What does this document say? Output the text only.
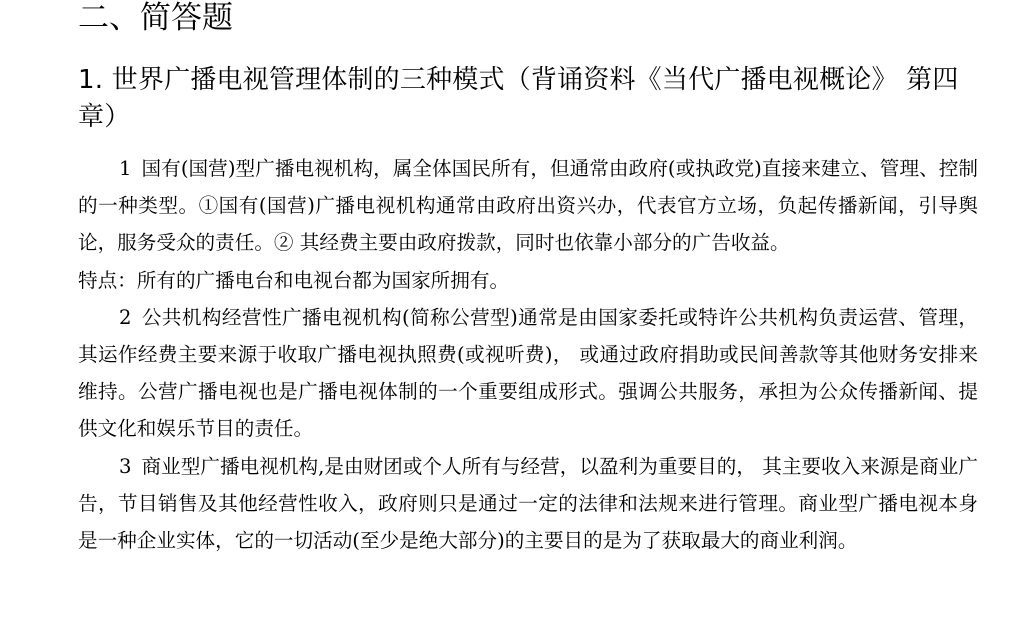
二、简答题
1. 世界广播电视管理体制的三种模式（背诵资料《当代广播电视概论》 第四章）

1 国有(国营)型广播电视机构，属全体国民所有，但通常由政府(或执政党)直接来建立、管理、控制的一种类型。①国有(国营)广播电视机构通常由政府出资兴办，代表官方立场，负起传播新闻，引导舆论，服务受众的责任。② 其经费主要由政府拨款，同时也依靠小部分的广告收益。

特点：所有的广播电台和电视台都为国家所拥有。

2 公共机构经营性广播电视机构(简称公营型)通常是由国家委托或特许公共机构负责运营、管理，其运作经费主要来源于收取广播电视执照费(或视听费)， 或通过政府捐助或民间善款等其他财务安排来维持。公营广播电视也是广播电视体制的一个重要组成形式。强调公共服务，承担为公众传播新闻、提供文化和娱乐节目的责任。

3 商业型广播电视机构,是由财团或个人所有与经营，以盈利为重要目的， 其主要收入来源是商业广告，节目销售及其他经营性收入，政府则只是通过一定的法律和法规来进行管理。商业型广播电视本身是一种企业实体，它的一切活动(至少是绝大部分)的主要目的是为了获取最大的商业利润。
